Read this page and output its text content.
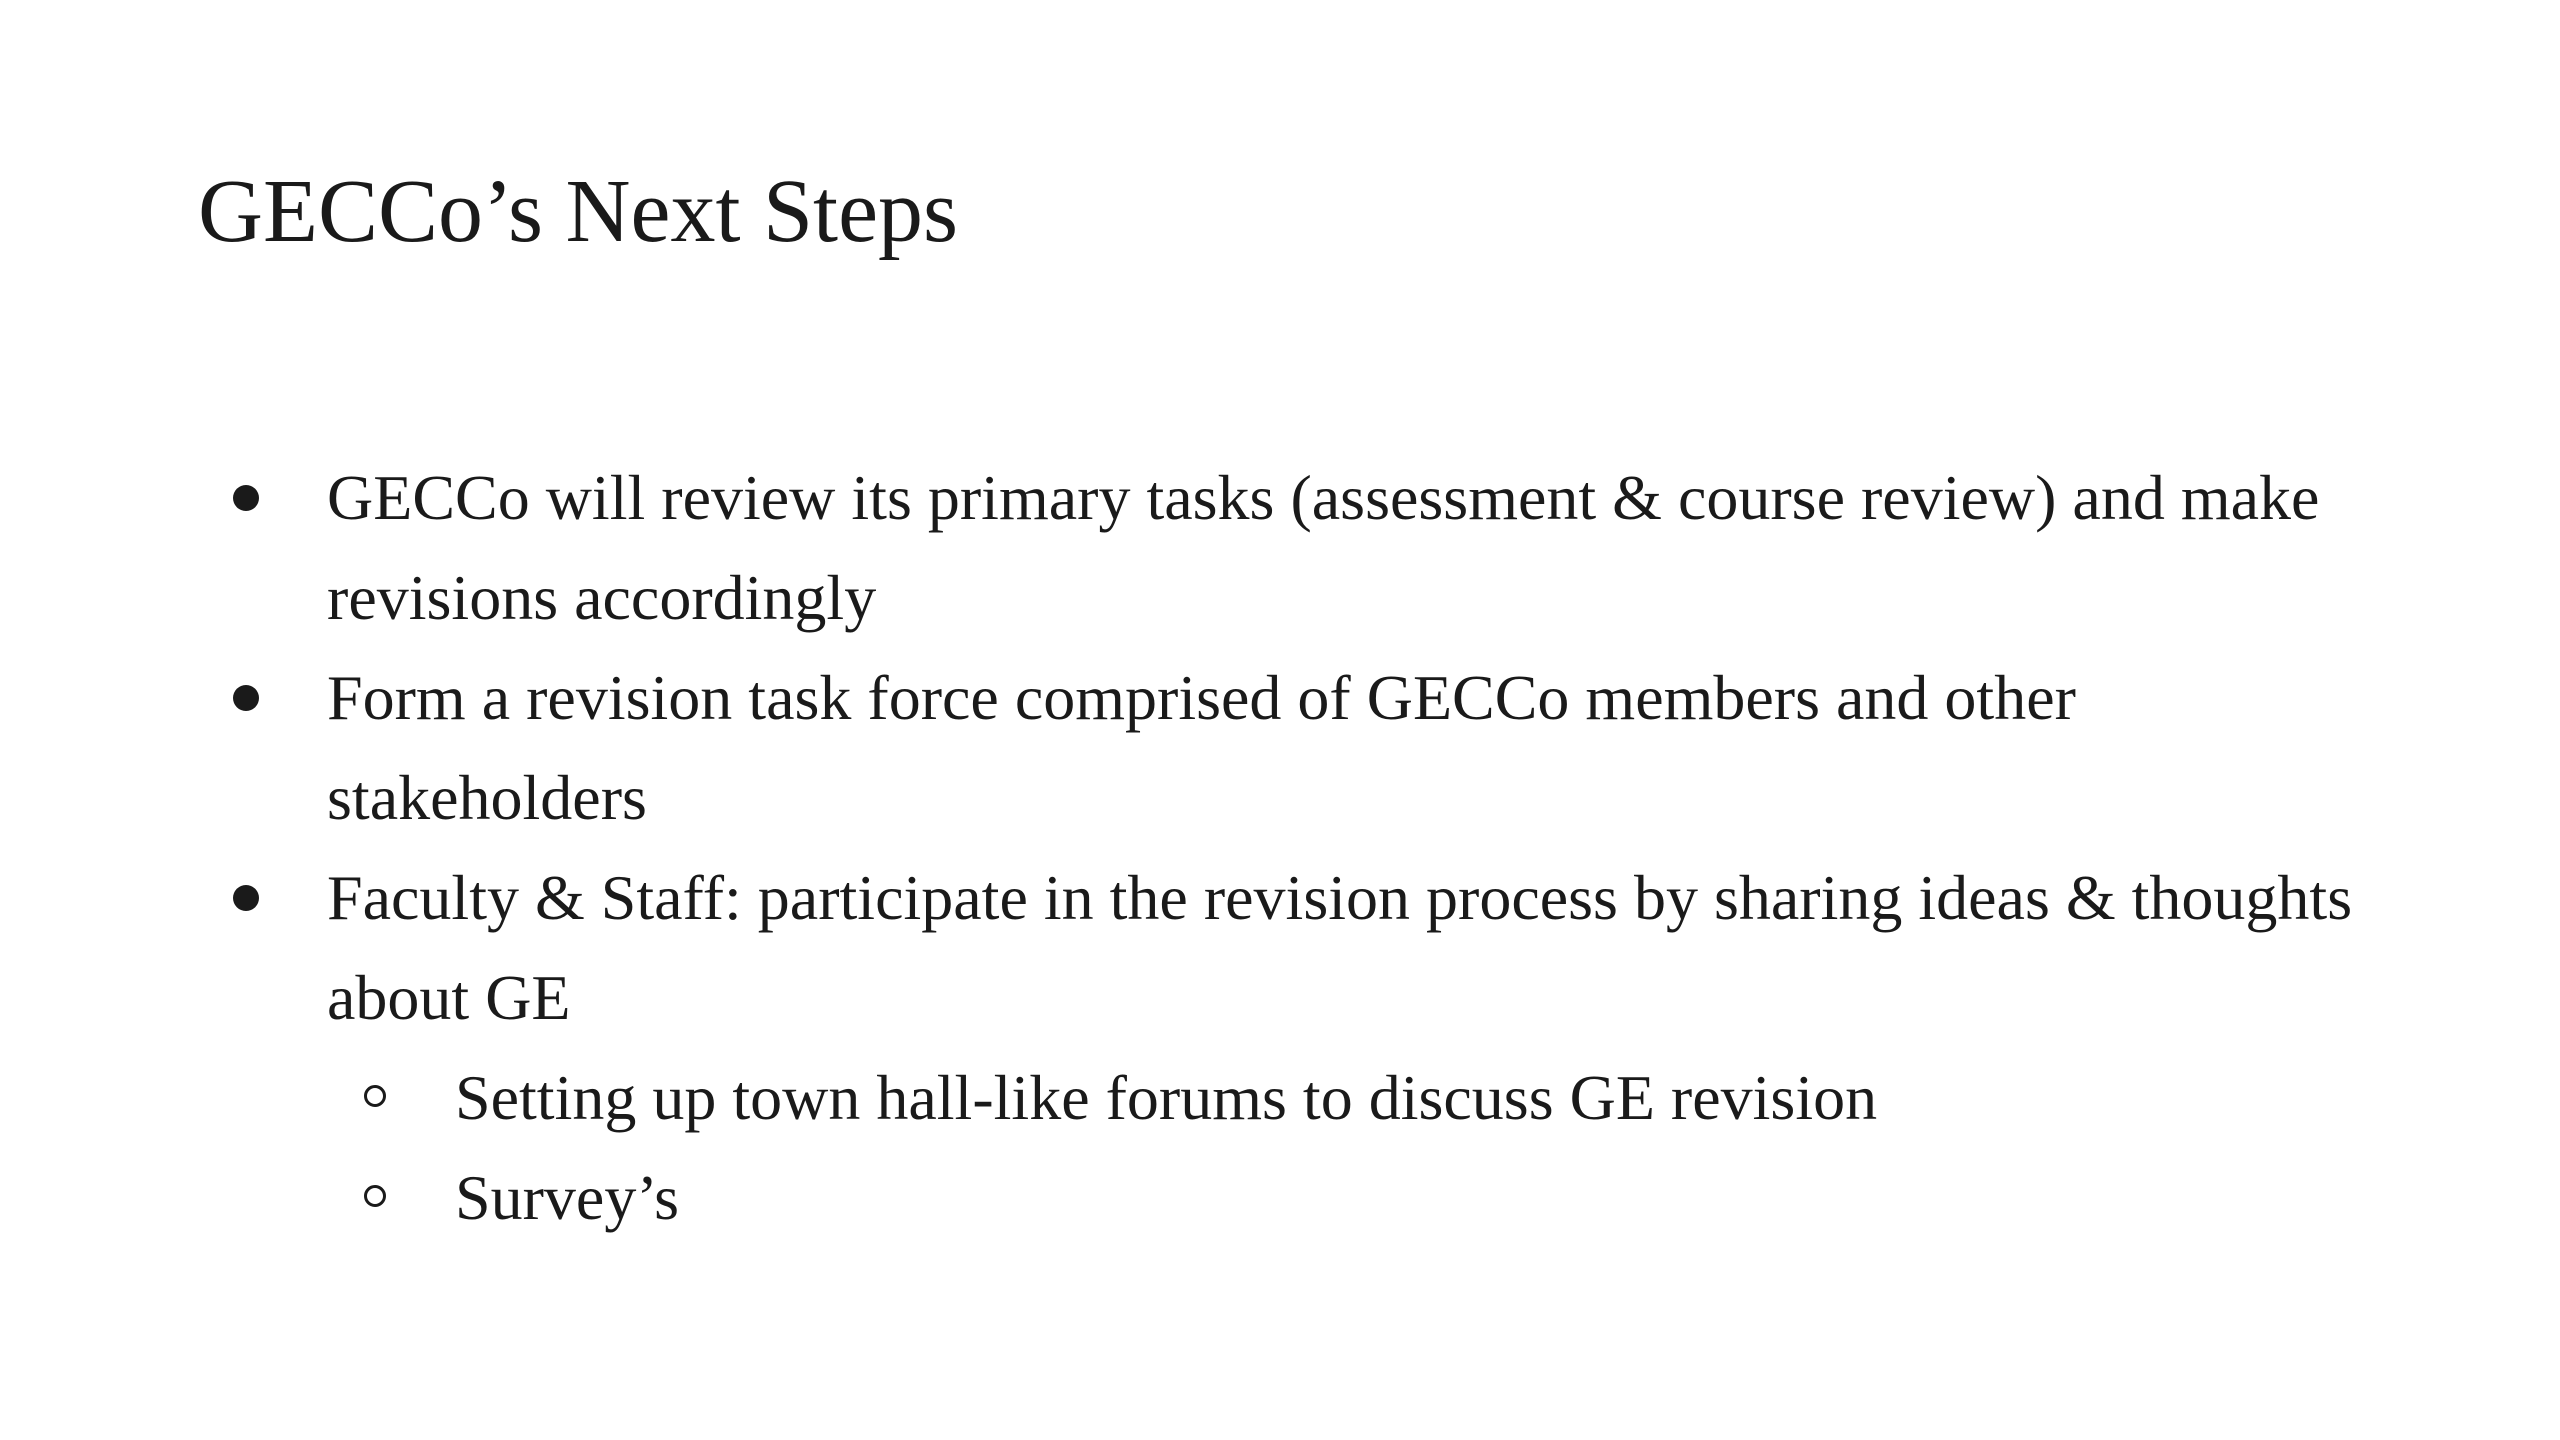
GECCo’s Next Steps
GECCo will review its primary tasks (assessment & course review) and make revisions accordingly
Form a revision task force comprised of GECCo members and other stakeholders
Faculty & Staff: participate in the revision process by sharing ideas & thoughts about GE
Setting up town hall-like forums to discuss GE revision
Survey’s
